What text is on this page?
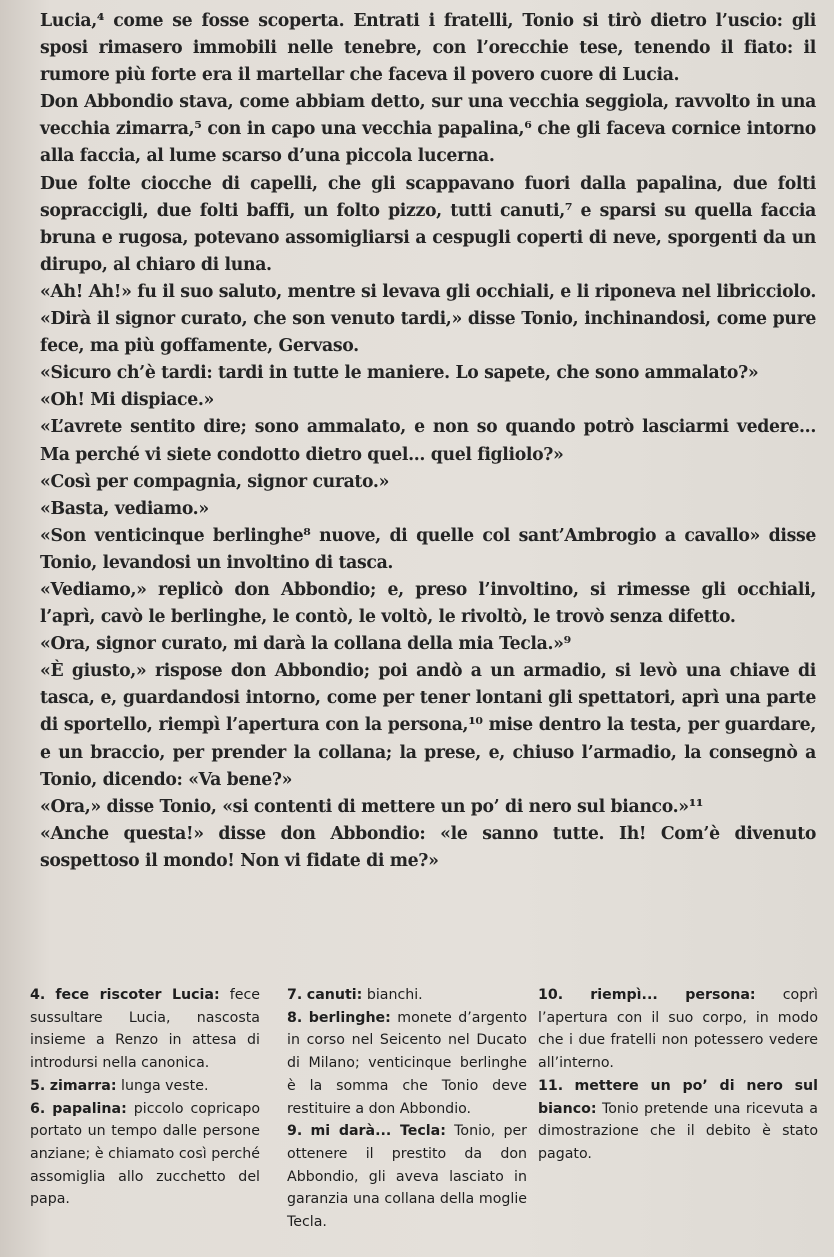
Lucia,⁴ come se fosse scoperta. Entrati i fratelli, Tonio si tirò dietro l’uscio: gli sposi rimasero immobili nelle tenebre, con l’orecchie tese, tenendo il fiato: il rumore più forte era il martellar che faceva il povero cuore di Lucia.

Don Abbondio stava, come abbiam detto, sur una vecchia seggiola, ravvolto in una vecchia zimarra,⁵ con in capo una vecchia papalina,⁶ che gli faceva cornice intorno alla faccia, al lume scarso d’una piccola lucerna.

Due folte ciocche di capelli, che gli scappavano fuori dalla papalina, due folti sopraccigli, due folti baffi, un folto pizzo, tutti canuti,⁷ e sparsi su quella faccia bruna e rugosa, potevano assomigliarsi a cespugli coperti di neve, sporgenti da un dirupo, al chiaro di luna.

«Ah! Ah!» fu il suo saluto, mentre si levava gli occhiali, e li riponeva nel libricciolo.

«Dirà il signor curato, che son venuto tardi,» disse Tonio, inchinandosi, come pure fece, ma più goffamente, Gervaso.

«Sicuro ch’è tardi: tardi in tutte le maniere. Lo sapete, che sono ammalato?»

«Oh! Mi dispiace.»

«L’avrete sentito dire; sono ammalato, e non so quando potrò lasciarmi vedere... Ma perché vi siete condotto dietro quel... quel figliolo?»

«Così per compagnia, signor curato.»

«Basta, vediamo.»

«Son venticinque berlinghe⁸ nuove, di quelle col sant’Ambrogio a cavallo» disse Tonio, levandosi un involtino di tasca.

«Vediamo,» replicò don Abbondio; e, preso l’involtino, si rimesse gli occhiali, l’aprì, cavò le berlinghe, le contò, le voltò, le rivoltò, le trovò senza difetto.

«Ora, signor curato, mi darà la collana della mia Tecla.»⁹

«È giusto,» rispose don Abbondio; poi andò a un armadio, si levò una chiave di tasca, e, guardandosi intorno, come per tener lontani gli spettatori, aprì una parte di sportello, riempì l’apertura con la persona,¹⁰ mise dentro la testa, per guardare, e un braccio, per prender la collana; la prese, e, chiuso l’armadio, la consegnò a Tonio, dicendo: «Va bene?»

«Ora,» disse Tonio, «si contenti di mettere un po’ di nero sul bianco.»¹¹

«Anche questa!» disse don Abbondio: «le sanno tutte. Ih! Com’è divenuto sospettoso il mondo! Non vi fidate di me?»

4. fece riscoter Lucia: fece sussultare Lucia, nascosta insieme a Renzo in attesa di introdursi nella canonica.

5. zimarra: lunga veste.

6. papalina: piccolo copricapo portato un tempo dalle persone anziane; è chiamato così perché assomiglia allo zucchetto del papa.

7. canuti: bianchi.

8. berlinghe: monete d’argento in corso nel Seicento nel Ducato di Milano; venticinque berlinghe è la somma che Tonio deve restituire a don Abbondio.

9. mi darà... Tecla: Tonio, per ottenere il prestito da don Abbondio, gli aveva lasciato in garanzia una collana della moglie Tecla.

10. riempì... persona: coprì l’apertura con il suo corpo, in modo che i due fratelli non potessero vedere all’interno.

11. mettere un po’ di nero sul bianco: Tonio pretende una ricevuta a dimostrazione che il debito è stato pagato.
